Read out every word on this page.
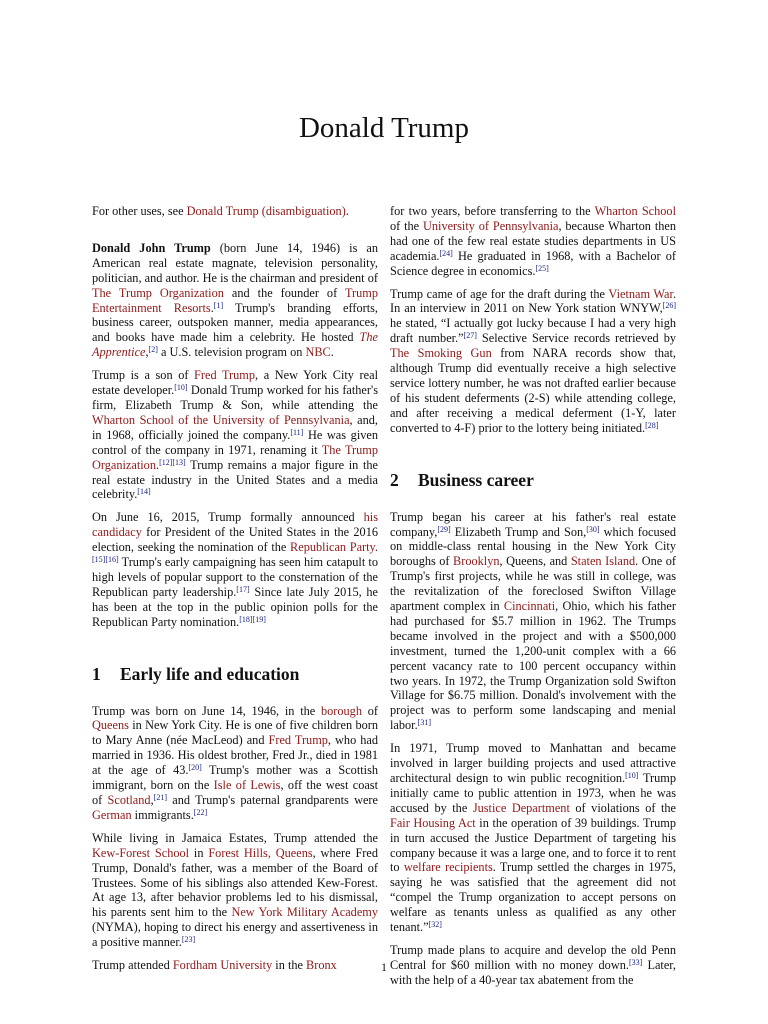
Donald Trump

For other uses, see Donald Trump (disambiguation).

Donald John Trump (born June 14, 1946) is an American real estate magnate, television personality, politician, and author. He is the chairman and president of The Trump Organization and the founder of Trump Entertainment Resorts.[1] Trump's branding efforts, business career, outspoken manner, media appearances, and books have made him a celebrity. He hosted The Apprentice,[2] a U.S. television program on NBC.

Trump is a son of Fred Trump, a New York City real estate developer.[10] Donald Trump worked for his father's firm, Elizabeth Trump & Son, while attending the Wharton School of the University of Pennsylvania, and, in 1968, officially joined the company.[11] He was given control of the company in 1971, renaming it The Trump Organization.[12][13] Trump remains a major figure in the real estate industry in the United States and a media celebrity.[14]

On June 16, 2015, Trump formally announced his candidacy for President of the United States in the 2016 election, seeking the nomination of the Republican Party.[15][16] Trump's early campaigning has seen him catapult to high levels of popular support to the consternation of the Republican party leadership.[17] Since late July 2015, he has been at the top in the public opinion polls for the Republican Party nomination.[18][19]

1 Early life and education

Trump was born on June 14, 1946, in the borough of Queens in New York City. He is one of five children born to Mary Anne (née MacLeod) and Fred Trump, who had married in 1936. His oldest brother, Fred Jr., died in 1981 at the age of 43.[20] Trump's mother was a Scottish immigrant, born on the Isle of Lewis, off the west coast of Scotland,[21] and Trump's paternal grandparents were German immigrants.[22]

While living in Jamaica Estates, Trump attended the Kew-Forest School in Forest Hills, Queens, where Fred Trump, Donald's father, was a member of the Board of Trustees. Some of his siblings also attended Kew-Forest. At age 13, after behavior problems led to his dismissal, his parents sent him to the New York Military Academy (NYMA), hoping to direct his energy and assertiveness in a positive manner.[23]

Trump attended Fordham University in the Bronx

for two years, before transferring to the Wharton School of the University of Pennsylvania, because Wharton then had one of the few real estate studies departments in US academia.[24] He graduated in 1968, with a Bachelor of Science degree in economics.[25]

Trump came of age for the draft during the Vietnam War. In an interview in 2011 on New York station WNYW,[26] he stated, “I actually got lucky because I had a very high draft number.”[27] Selective Service records retrieved by The Smoking Gun from NARA records show that, although Trump did eventually receive a high selective service lottery number, he was not drafted earlier because of his student deferments (2-S) while attending college, and after receiving a medical deferment (1-Y, later converted to 4-F) prior to the lottery being initiated.[28]

2 Business career

Trump began his career at his father's real estate company,[29] Elizabeth Trump and Son,[30] which focused on middle-class rental housing in the New York City boroughs of Brooklyn, Queens, and Staten Island. One of Trump's first projects, while he was still in college, was the revitalization of the foreclosed Swifton Village apartment complex in Cincinnati, Ohio, which his father had purchased for $5.7 million in 1962. The Trumps became involved in the project and with a $500,000 investment, turned the 1,200-unit complex with a 66 percent vacancy rate to 100 percent occupancy within two years. In 1972, the Trump Organization sold Swifton Village for $6.75 million. Donald's involvement with the project was to perform some landscaping and menial labor.[31]

In 1971, Trump moved to Manhattan and became involved in larger building projects and used attractive architectural design to win public recognition.[10] Trump initially came to public attention in 1973, when he was accused by the Justice Department of violations of the Fair Housing Act in the operation of 39 buildings. Trump in turn accused the Justice Department of targeting his company because it was a large one, and to force it to rent to welfare recipients. Trump settled the charges in 1975, saying he was satisfied that the agreement did not “compel the Trump organization to accept persons on welfare as tenants unless as qualified as any other tenant.”[32]

Trump made plans to acquire and develop the old Penn Central for $60 million with no money down.[33] Later, with the help of a 40-year tax abatement from the

1
